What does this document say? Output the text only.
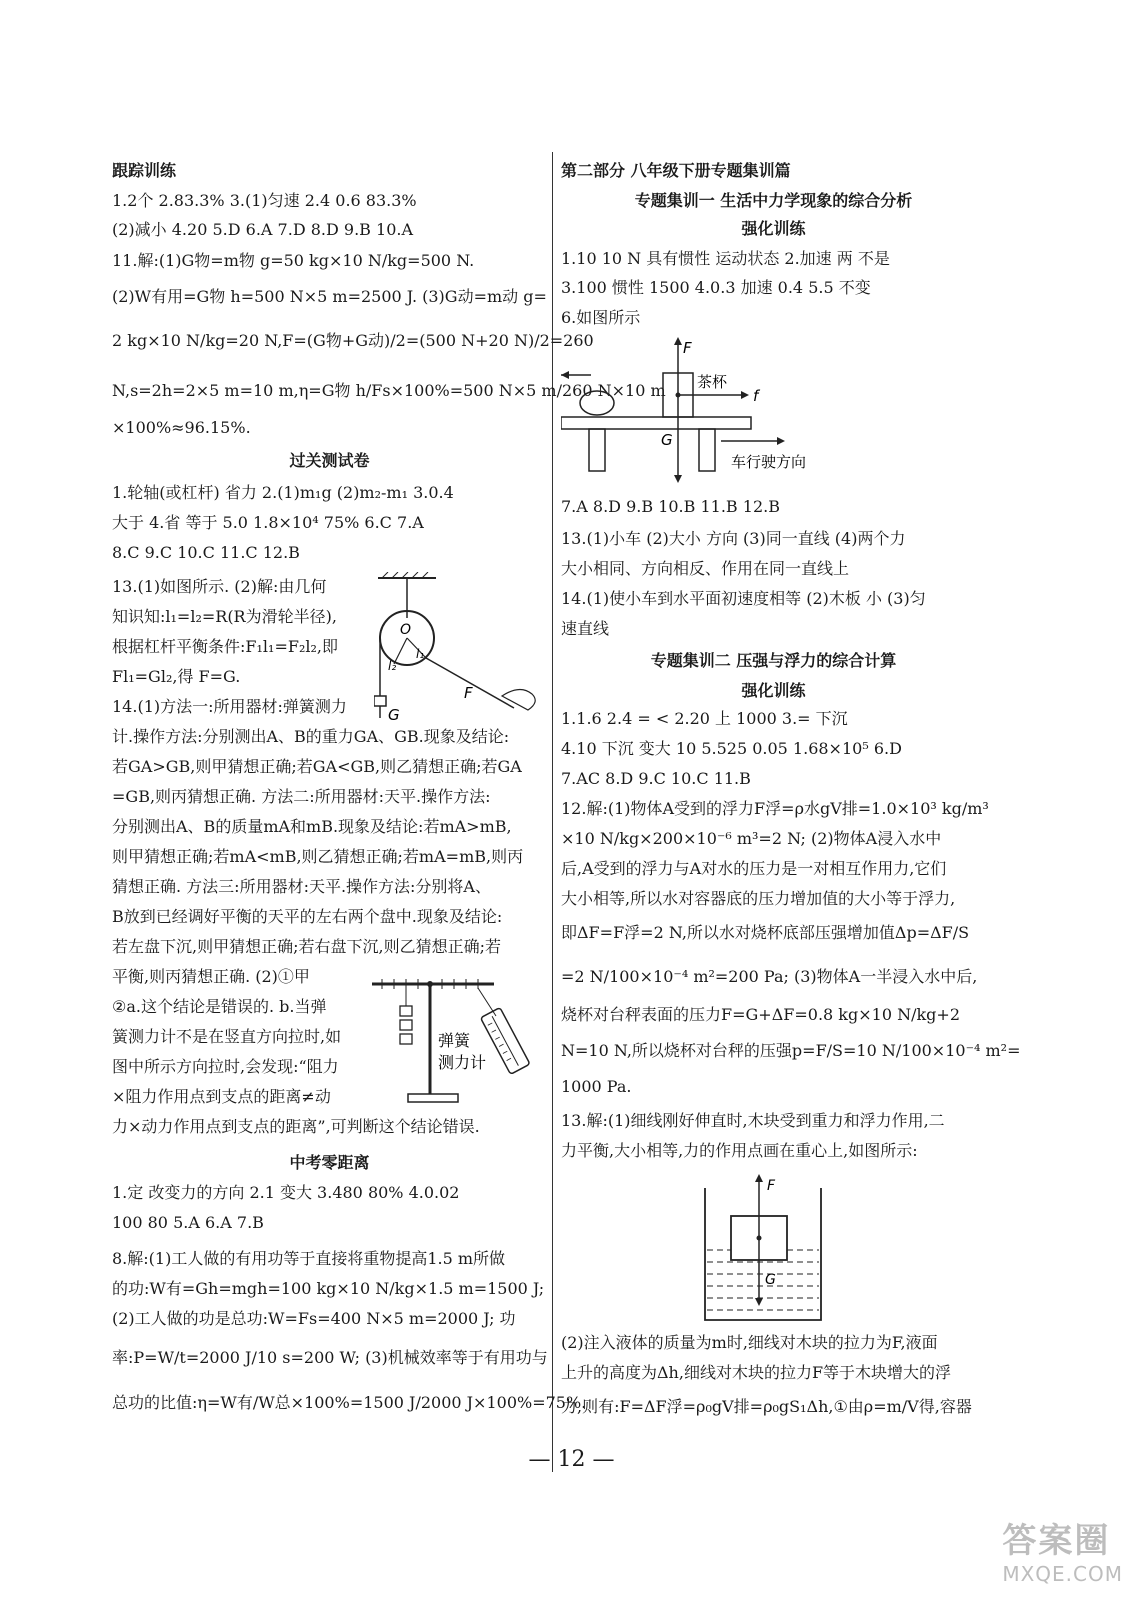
跟踪训练
1.2个 2.83.3% 3.(1)匀速 2.4 0.6 83.3%
(2)减小 4.20 5.D 6.A 7.D 8.D 9.B 10.A
11.解:(1)G物=m物 g=50 kg×10 N/kg=500 N.
(2)W有用=G物 h=500 N×5 m=2500 J. (3)G动=m动 g=
2 kg×10 N/kg=20 N,F=(G物+G动)/2=(500 N+20 N)/2=260
N,s=2h=2×5 m=10 m,η=G物 h/Fs×100%=500 N×5 m/260 N×10 m
×100%≈96.15%.
过关测试卷
1.轮轴(或杠杆) 省力 2.(1)m₁g (2)m₂-m₁ 3.0.4
大于 4.省 等于 5.0 1.8×10⁴ 75% 6.C 7.A
8.C 9.C 10.C 11.C 12.B
13.(1)如图所示. (2)解:由几何
知识知:l₁=l₂=R(R为滑轮半径),
根据杠杆平衡条件:F₁l₁=F₂l₂,即
Fl₁=Gl₂,得 F=G.
O
l₂
l₁
F
G
14.(1)方法一:所用器材:弹簧测力
计.操作方法:分别测出A、B的重力GA、GB.现象及结论:
若GA>GB,则甲猜想正确;若GA<GB,则乙猜想正确;若GA
=GB,则丙猜想正确. 方法二:所用器材:天平.操作方法:
分别测出A、B的质量mA和mB.现象及结论:若mA>mB,
则甲猜想正确;若mA<mB,则乙猜想正确;若mA=mB,则丙
猜想正确. 方法三:所用器材:天平.操作方法:分别将A、
B放到已经调好平衡的天平的左右两个盘中.现象及结论:
若左盘下沉,则甲猜想正确;若右盘下沉,则乙猜想正确;若
平衡,则丙猜想正确. (2)①甲
②a.这个结论是错误的. b.当弹
簧测力计不是在竖直方向拉时,如
图中所示方向拉时,会发现:“阻力
×阻力作用点到支点的距离≠动
弹簧
测力计
力×动力作用点到支点的距离”,可判断这个结论错误.
中考零距离
1.定 改变力的方向 2.1 变大 3.480 80% 4.0.02
100 80 5.A 6.A 7.B
8.解:(1)工人做的有用功等于直接将重物提高1.5 m所做
的功:W有=Gh=mgh=100 kg×10 N/kg×1.5 m=1500 J;
(2)工人做的功是总功:W=Fs=400 N×5 m=2000 J; 功
率:P=W/t=2000 J/10 s=200 W; (3)机械效率等于有用功与
总功的比值:η=W有/W总×100%=1500 J/2000 J×100%=75%.
第二部分 八年级下册专题集训篇
专题集训一 生活中力学现象的综合分析
强化训练
1.10 10 N 具有惯性 运动状态 2.加速 两 不是
3.100 惯性 1500 4.0.3 加速 0.4 5.5 不变
6.如图所示
F
茶杯
f
G
车行驶方向
7.A 8.D 9.B 10.B 11.B 12.B
13.(1)小车 (2)大小 方向 (3)同一直线 (4)两个力
大小相同、方向相反、作用在同一直线上
14.(1)使小车到水平面初速度相等 (2)木板 小 (3)匀
速直线
专题集训二 压强与浮力的综合计算
强化训练
1.1.6 2.4 = < 2.20 上 1000 3.= 下沉
4.10 下沉 变大 10 5.525 0.05 1.68×10⁵ 6.D
7.AC 8.D 9.C 10.C 11.B
12.解:(1)物体A受到的浮力F浮=ρ水gV排=1.0×10³ kg/m³
×10 N/kg×200×10⁻⁶ m³=2 N; (2)物体A浸入水中
后,A受到的浮力与A对水的压力是一对相互作用力,它们
大小相等,所以水对容器底的压力增加值的大小等于浮力,
即ΔF=F浮=2 N,所以水对烧杯底部压强增加值Δp=ΔF/S
=2 N/100×10⁻⁴ m²=200 Pa; (3)物体A一半浸入水中后,
烧杯对台秤表面的压力F=G+ΔF=0.8 kg×10 N/kg+2
N=10 N,所以烧杯对台秤的压强p=F/S=10 N/100×10⁻⁴ m²=
1000 Pa.
13.解:(1)细线刚好伸直时,木块受到重力和浮力作用,二
力平衡,大小相等,力的作用点画在重心上,如图所示:
F
G
(2)注入液体的质量为m时,细线对木块的拉力为F,液面
上升的高度为Δh,细线对木块的拉力F等于木块增大的浮
力,则有:F=ΔF浮=ρ₀gV排=ρ₀gS₁Δh,①由ρ=m/V得,容器
— 12 —
答案圈
MXQE.COM
